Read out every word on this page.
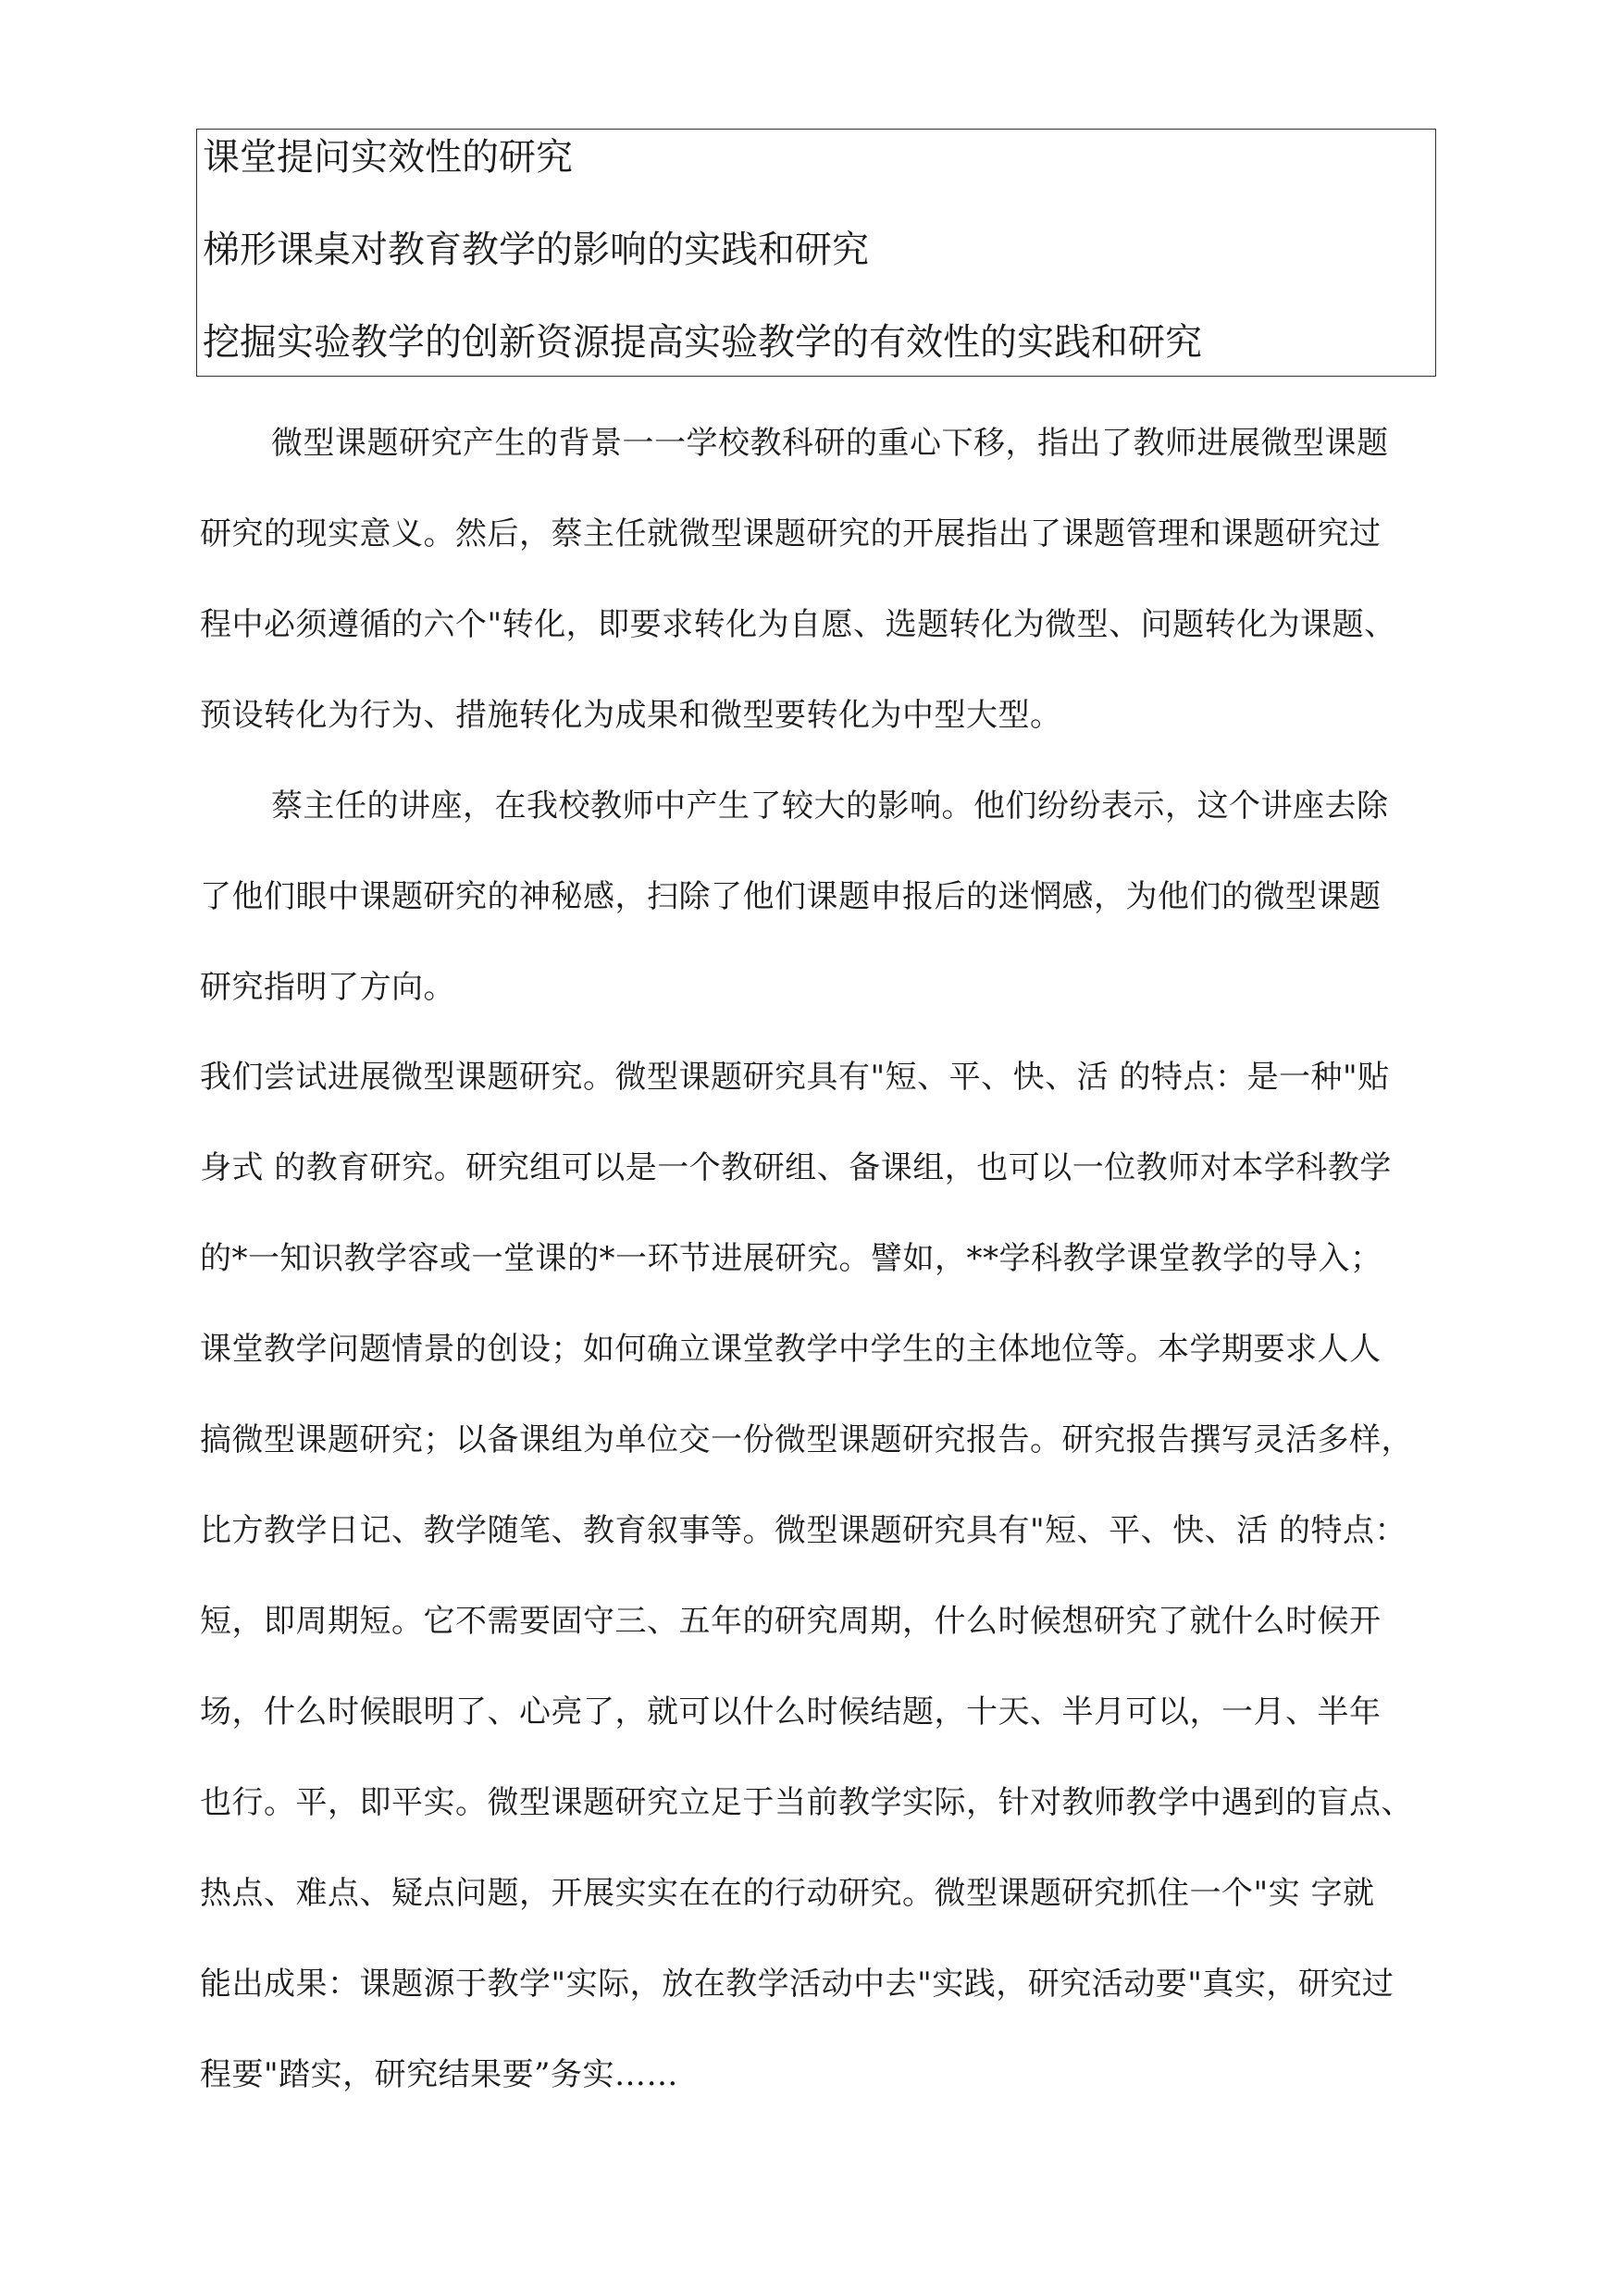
课堂提问实效性的研究
梯形课桌对教育教学的影响的实践和研究
挖掘实验教学的创新资源提高实验教学的有效性的实践和研究
微型课题研究产生的背景一一学校教科研的重心下移，指出了教师进展微型课题
研究的现实意义。然后，蔡主任就微型课题研究的开展指出了课题管理和课题研究过
程中必须遵循的六个"转化，即要求转化为自愿、选题转化为微型、问题转化为课题、
预设转化为行为、措施转化为成果和微型要转化为中型大型。
蔡主任的讲座，在我校教师中产生了较大的影响。他们纷纷表示，这个讲座去除
了他们眼中课题研究的神秘感，扫除了他们课题申报后的迷惘感，为他们的微型课题
研究指明了方向。
我们尝试进展微型课题研究。微型课题研究具有"短、平、快、活 的特点：是一种"贴
身式 的教育研究。研究组可以是一个教研组、备课组，也可以一位教师对本学科教学
的*一知识教学容或一堂课的*一环节进展研究。譬如，**学科教学课堂教学的导入；
课堂教学问题情景的创设；如何确立课堂教学中学生的主体地位等。本学期要求人人
搞微型课题研究；以备课组为单位交一份微型课题研究报告。研究报告撰写灵活多样，
比方教学日记、教学随笔、教育叙事等。微型课题研究具有"短、平、快、活 的特点：
短，即周期短。它不需要固守三、五年的研究周期，什么时候想研究了就什么时候开
场，什么时候眼明了、心亮了，就可以什么时候结题，十天、半月可以，一月、半年
也行。平，即平实。微型课题研究立足于当前教学实际，针对教师教学中遇到的盲点、
热点、难点、疑点问题，开展实实在在的行动研究。微型课题研究抓住一个"实 字就
能出成果：课题源于教学"实际，放在教学活动中去"实践，研究活动要"真实，研究过
程要"踏实，研究结果要”务实……
